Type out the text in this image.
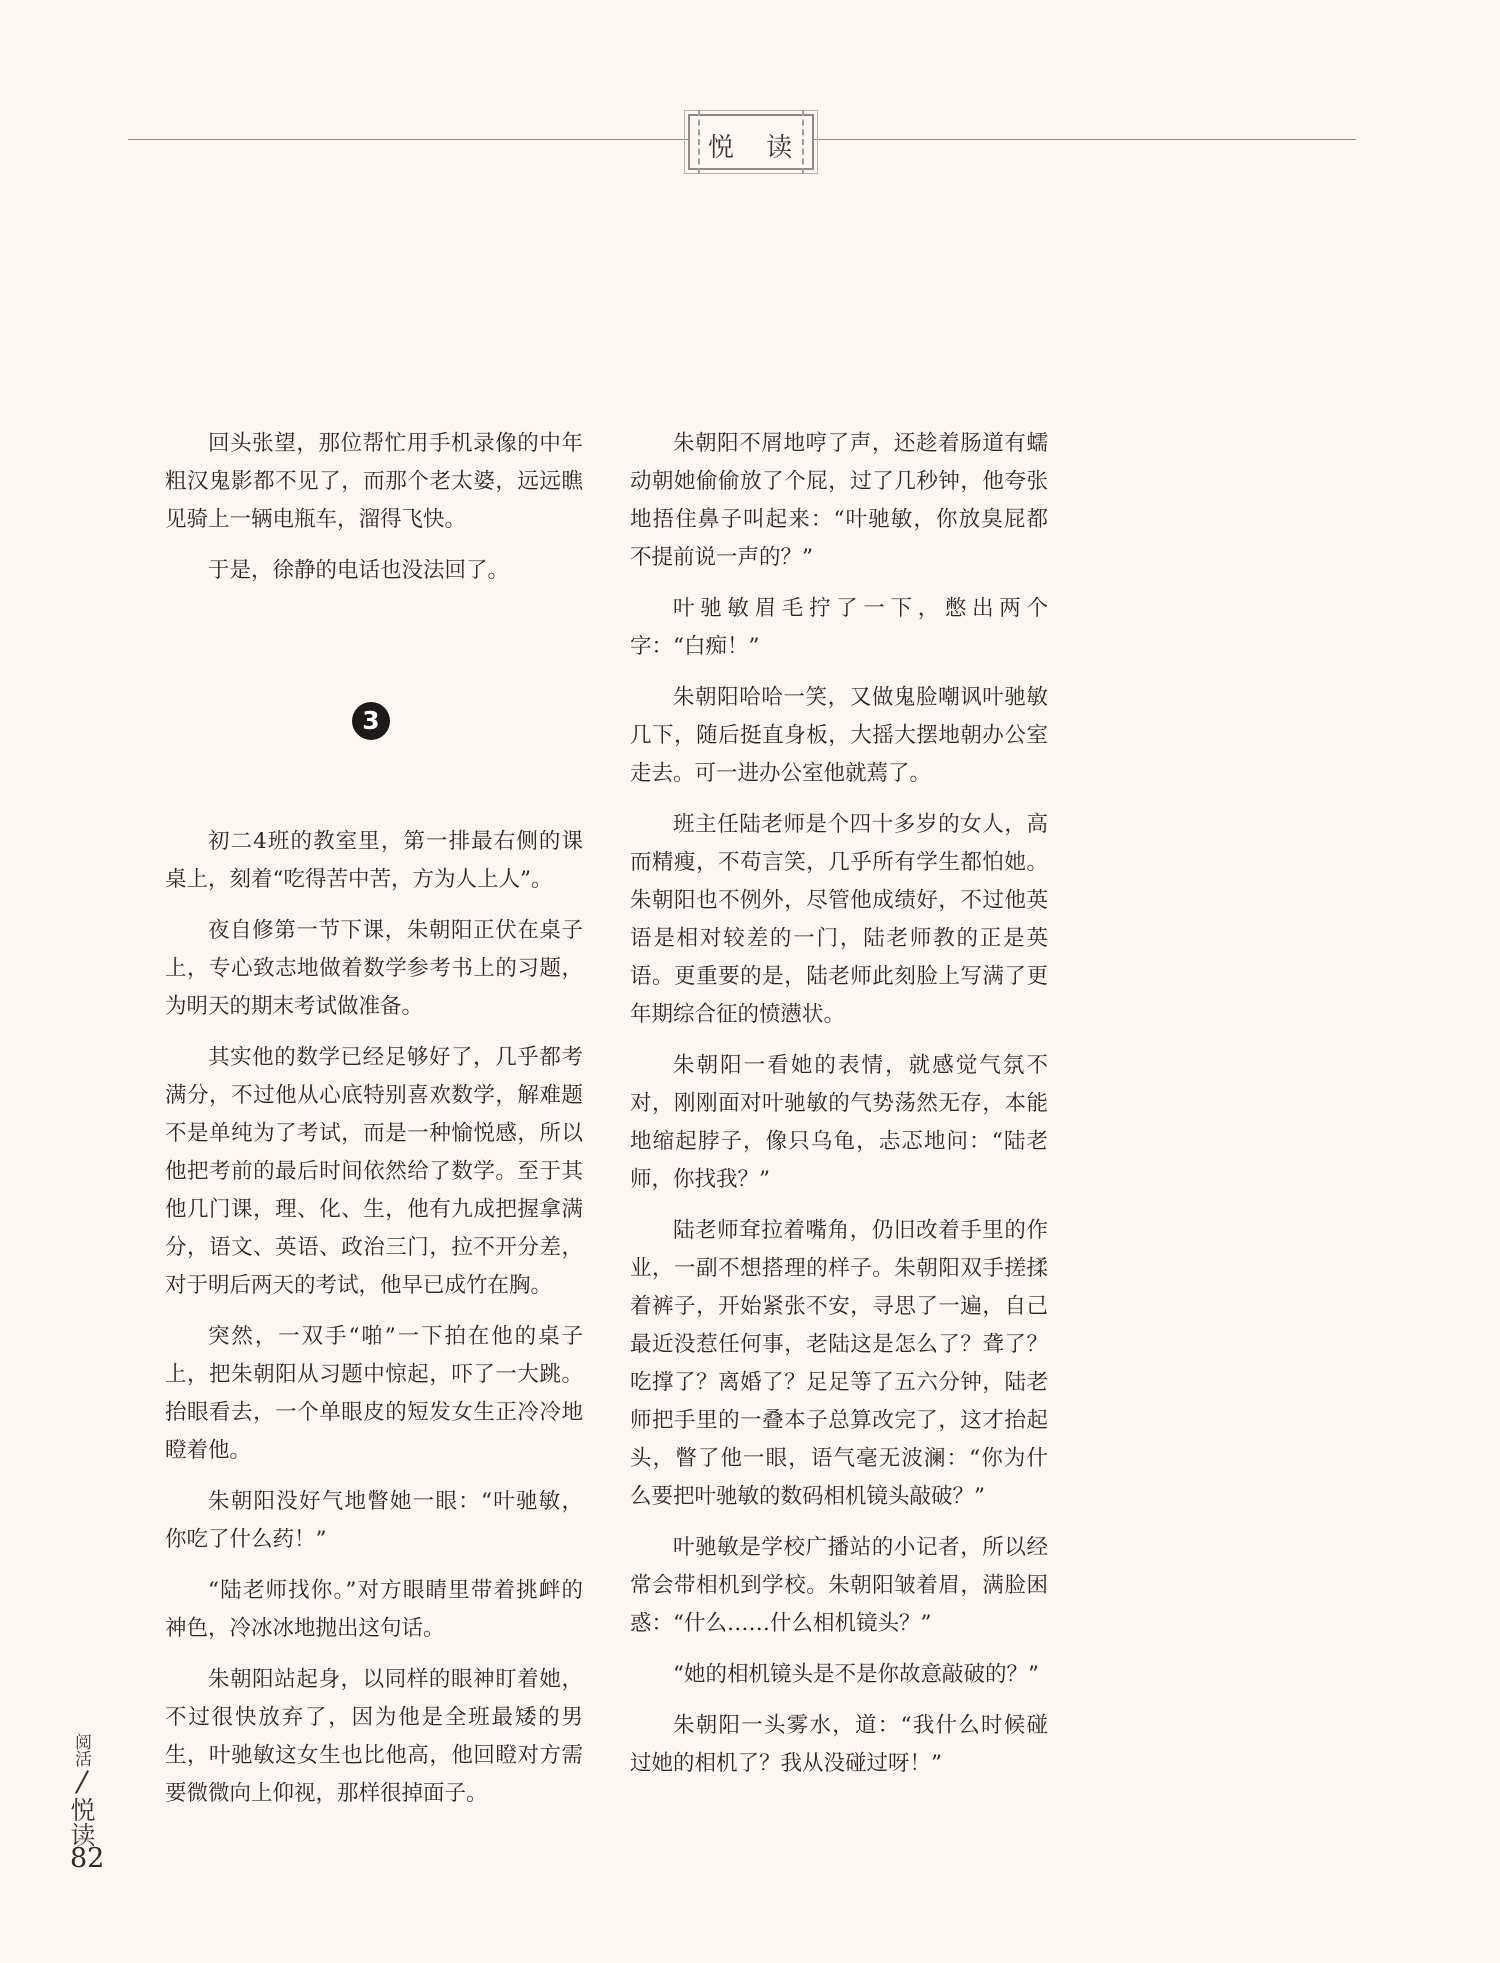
悦 读

回头张望，那位帮忙用手机录像的中年粗汉鬼影都不见了，而那个老太婆，远远瞧见骑上一辆电瓶车，溜得飞快。

于是，徐静的电话也没法回了。

初二4班的教室里，第一排最右侧的课桌上，刻着“吃得苦中苦，方为人上人”。

夜自修第一节下课，朱朝阳正伏在桌子上，专心致志地做着数学参考书上的习题，为明天的期末考试做准备。

其实他的数学已经足够好了，几乎都考满分，不过他从心底特别喜欢数学，解难题不是单纯为了考试，而是一种愉悦感，所以他把考前的最后时间依然给了数学。至于其他几门课，理、化、生，他有九成把握拿满分，语文、英语、政治三门，拉不开分差，对于明后两天的考试，他早已成竹在胸。

突然，一双手“啪”一下拍在他的桌子上，把朱朝阳从习题中惊起，吓了一大跳。抬眼看去，一个单眼皮的短发女生正冷冷地瞪着他。

朱朝阳没好气地瞥她一眼：“叶驰敏，你吃了什么药！”

“陆老师找你。”对方眼睛里带着挑衅的神色，冷冰冰地抛出这句话。

朱朝阳站起身，以同样的眼神盯着她，不过很快放弃了，因为他是全班最矮的男生，叶驰敏这女生也比他高，他回瞪对方需要微微向上仰视，那样很掉面子。

3

朱朝阳不屑地哼了声，还趁着肠道有蠕动朝她偷偷放了个屁，过了几秒钟，他夸张地捂住鼻子叫起来：“叶驰敏，你放臭屁都不提前说一声的？”

叶驰敏眉毛拧了一下，憋出两个字：“白痴！”

朱朝阳哈哈一笑，又做鬼脸嘲讽叶驰敏几下，随后挺直身板，大摇大摆地朝办公室走去。可一进办公室他就蔫了。

班主任陆老师是个四十多岁的女人，高而精瘦，不苟言笑，几乎所有学生都怕她。朱朝阳也不例外，尽管他成绩好，不过他英语是相对较差的一门，陆老师教的正是英语。更重要的是，陆老师此刻脸上写满了更年期综合征的愤懑状。

朱朝阳一看她的表情，就感觉气氛不对，刚刚面对叶驰敏的气势荡然无存，本能地缩起脖子，像只乌龟，忐忑地问：“陆老师，你找我？”

陆老师耷拉着嘴角，仍旧改着手里的作业，一副不想搭理的样子。朱朝阳双手搓揉着裤子，开始紧张不安，寻思了一遍，自己最近没惹任何事，老陆这是怎么了？聋了？吃撑了？离婚了？足足等了五六分钟，陆老师把手里的一叠本子总算改完了，这才抬起头，瞥了他一眼，语气毫无波澜：“你为什么要把叶驰敏的数码相机镜头敲破？”

叶驰敏是学校广播站的小记者，所以经常会带相机到学校。朱朝阳皱着眉，满脸困惑：“什么……什么相机镜头？”

“她的相机镜头是不是你故意敲破的？”

朱朝阳一头雾水，道：“我什么时候碰过她的相机了？我从没碰过呀！”

阅活
悦读
82
